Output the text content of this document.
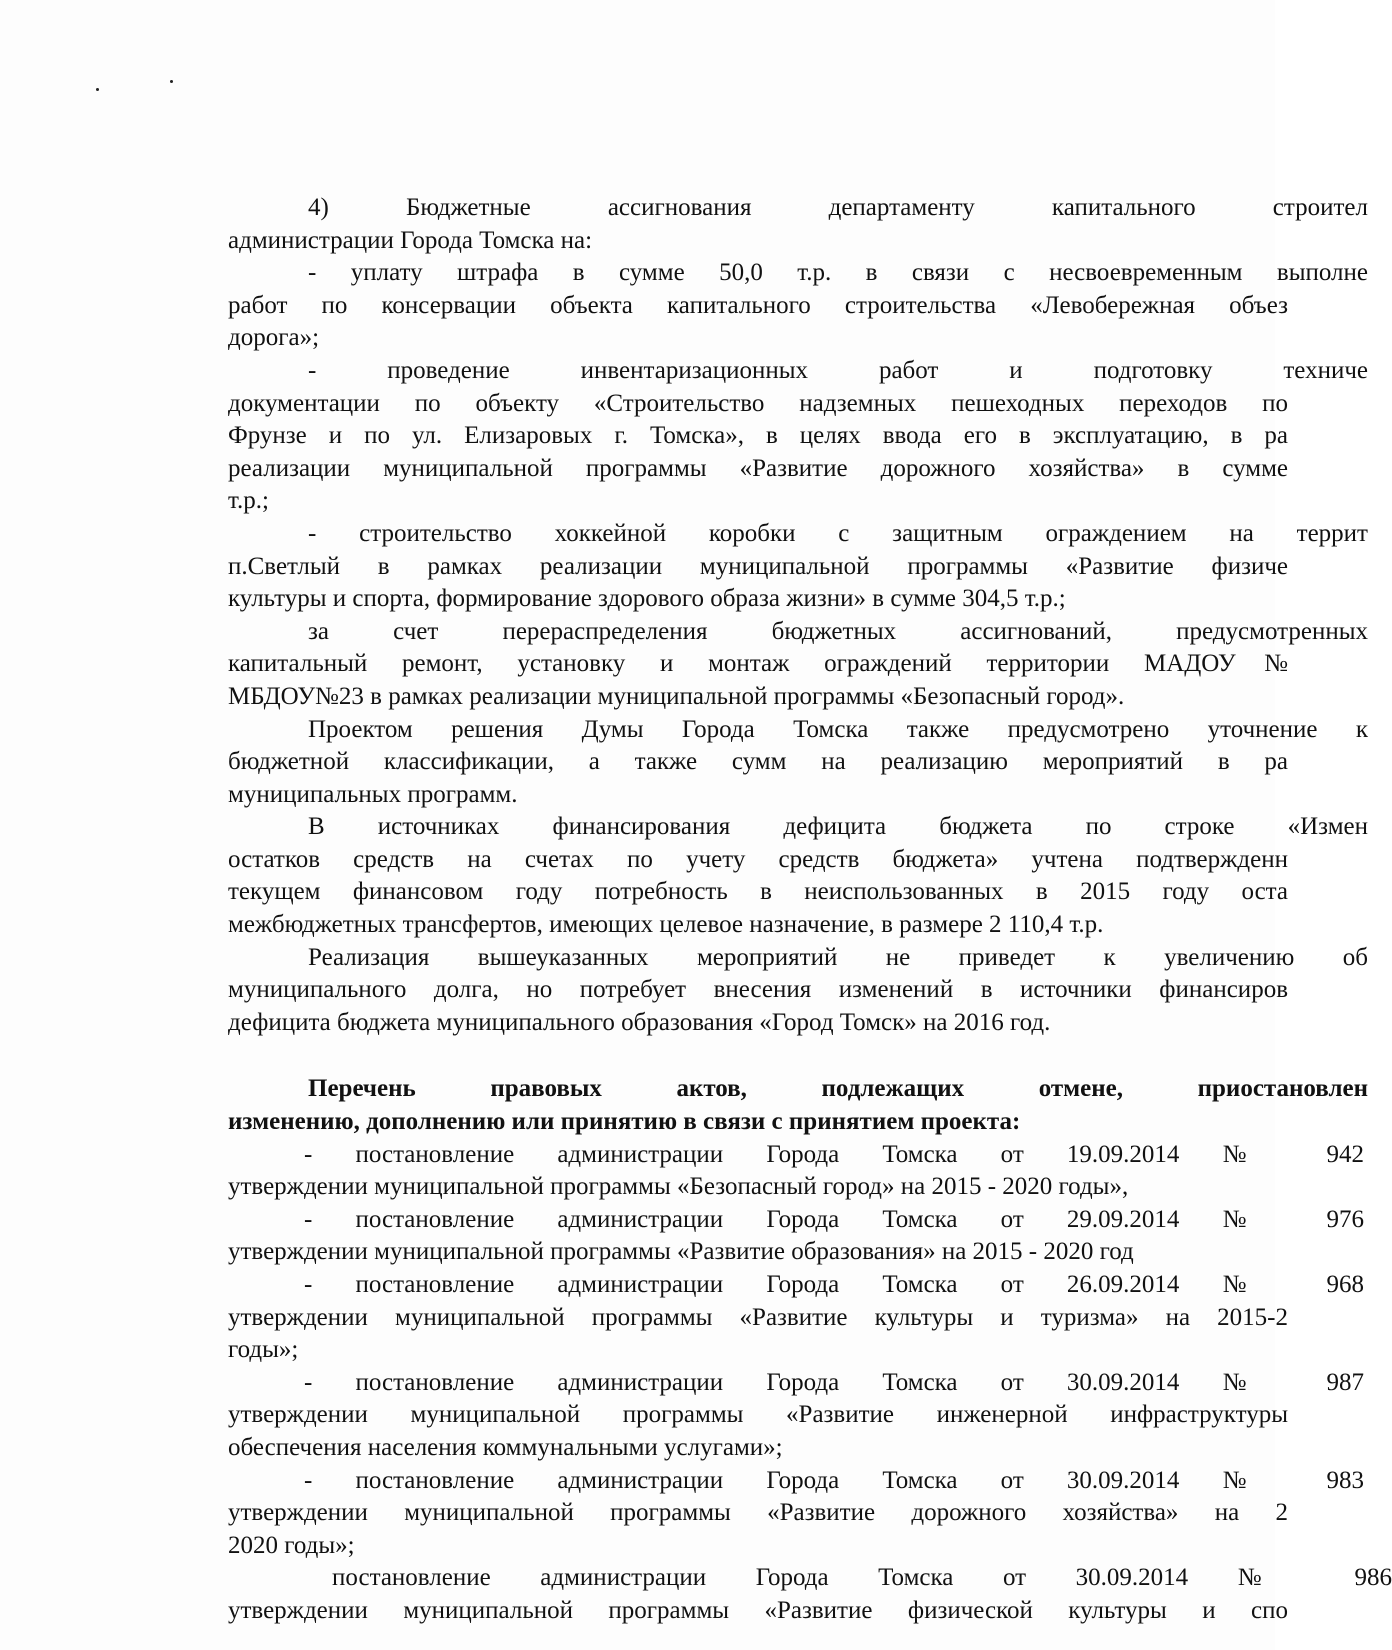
4) Бюджетные ассигнования департаменту капитального строител
администрации Города Томска на:
- уплату штрафа в сумме 50,0 т.р. в связи с несвоевременным выполне
работ по консервации объекта капитального строительства «Левобережная объез
дорога»;
- проведение инвентаризационных работ и подготовку техниче
документации по объекту «Строительство надземных пешеходных переходов по
Фрунзе и по ул. Елизаровых г. Томска», в целях ввода его в эксплуатацию, в ра
реализации муниципальной программы «Развитие дорожного хозяйства» в сумме
т.р.;
- строительство хоккейной коробки с защитным ограждением на террит
п.Светлый в рамках реализации муниципальной программы «Развитие физиче
культуры и спорта, формирование здорового образа жизни» в сумме 304,5 т.р.;
за счет перераспределения бюджетных ассигнований, предусмотренных
капитальный ремонт, установку и монтаж ограждений территории МАДОУ№
МБДОУ№23 в рамках реализации муниципальной программы «Безопасный город».
Проектом решения Думы Города Томска также предусмотрено уточнение к
бюджетной классификации, а также сумм на реализацию мероприятий в ра
муниципальных программ.
В источниках финансирования дефицита бюджета по строке «Измен
остатков средств на счетах по учету средств бюджета» учтена подтвержденн
текущем финансовом году потребность в неиспользованных в 2015 году оста
межбюджетных трансфертов, имеющих целевое назначение, в размере 2 110,4 т.р.
Реализация вышеуказанных мероприятий не приведет к увеличению об
муниципального долга, но потребует внесения изменений в источники финансиров
дефицита бюджета муниципального образования «Город Томск» на 2016 год.
Перечень правовых актов, подлежащих отмене, приостановлен
изменению, дополнению или принятию в связи с принятием проекта:
- постановление администрации Города Томска от 19.09.2014 № 942
утверждении муниципальной программы «Безопасный город» на 2015 - 2020 годы»,
- постановление администрации Города Томска от 29.09.2014 № 976
утверждении муниципальной программы «Развитие образования» на 2015 - 2020 год
- постановление администрации Города Томска от 26.09.2014 № 968
утверждении муниципальной программы «Развитие культуры и туризма» на 2015-2
годы»;
- постановление администрации Города Томска от 30.09.2014 № 987
утверждении муниципальной программы «Развитие инженерной инфраструктуры
обеспечения населения коммунальными услугами»;
- постановление администрации Города Томска от 30.09.2014 № 983
утверждении муниципальной программы «Развитие дорожного хозяйства» на 2
2020 годы»;
постановление администрации Города Томска от 30.09.2014 № 986
утверждении муниципальной программы «Развитие физической культуры и спо
